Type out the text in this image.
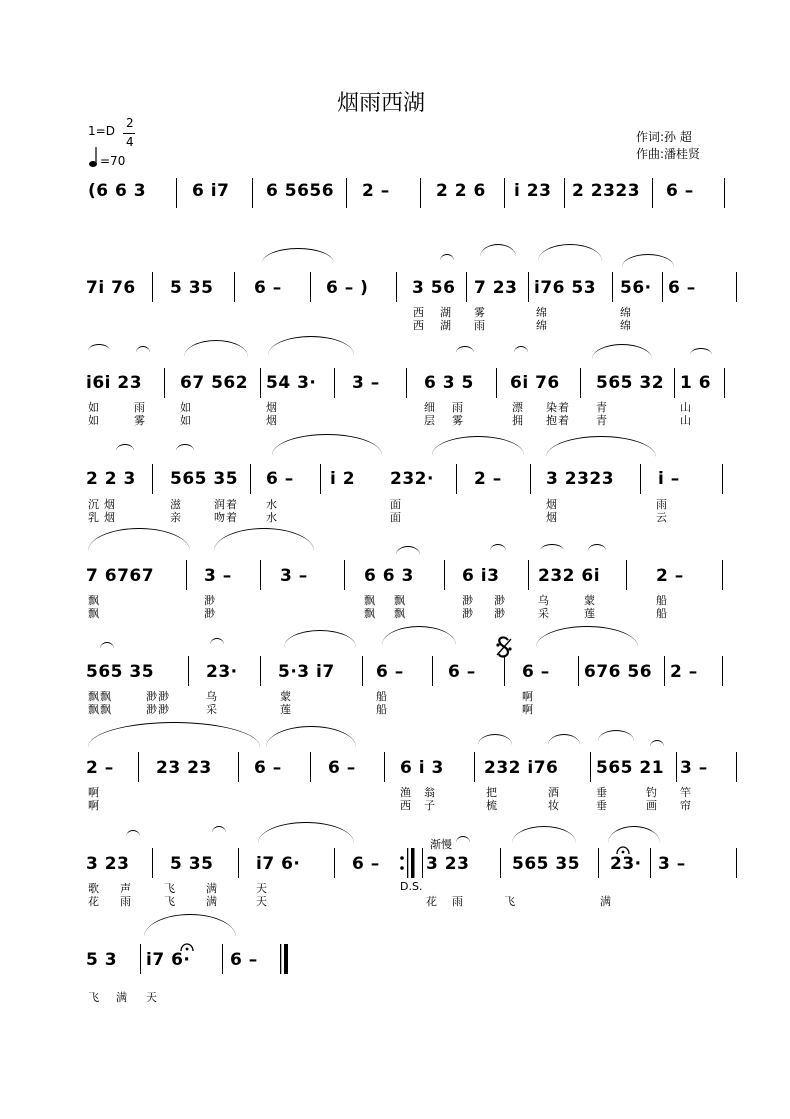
烟雨西湖
1=D
2
4
=70
作词:孙 超
作曲:潘桂贤
(6 6 3	6 i7 6 5656 2 –	2 2 6 i 23 2 2323 6 –
7i 76 5 35 6 –	6 – )	3 56 7 23 i76 53 56· 6 –
西 湖 雾	绵	绵
西 湖 雨	绵	绵
i6i 23 67 562 54 3· 3 –	6 3 5 6i 76 565 32 1 6
如	雨	如	烟	细 雨	漂 染着 青	山
如	雾	如	烟	层 雾	拥 抱着 青	山
2 2 3 565 35 6 – i 2 232· 2 –	3 2323	i –
沉 烟	滋	润着	水	面	烟	雨
乳 烟	亲	吻着	水	面	烟	云
7 6767	3 –	3 –	6 6 3	6 i3 232 6i	2 –
飘	渺	飘 飘	渺 渺	乌	蒙	船
飘	渺	飘 飘	渺 渺	采	莲	船
565 35	23· 5·3 i7 6 –	6 –	6 – 676 56 2 –
飘飘	渺渺	乌	蒙	船	啊
飘飘	渺渺	采	莲	船	啊
2 – 23 23 6 –	6 –	6 i 3 232 i76 565 21 3 –
啊	渔 翁	把	酒	垂	钓 竿
啊	西 子	梳	妆	垂	画 帘
渐慢
3 23 5 35	i7 6·	6 –	3 23	565 35 23· 3 –
歌 声	飞	满	天	D.S.
花 雨	飞	满
花 雨	飞	满	天
5 3 i7 6· 6 –
飞 满 天
